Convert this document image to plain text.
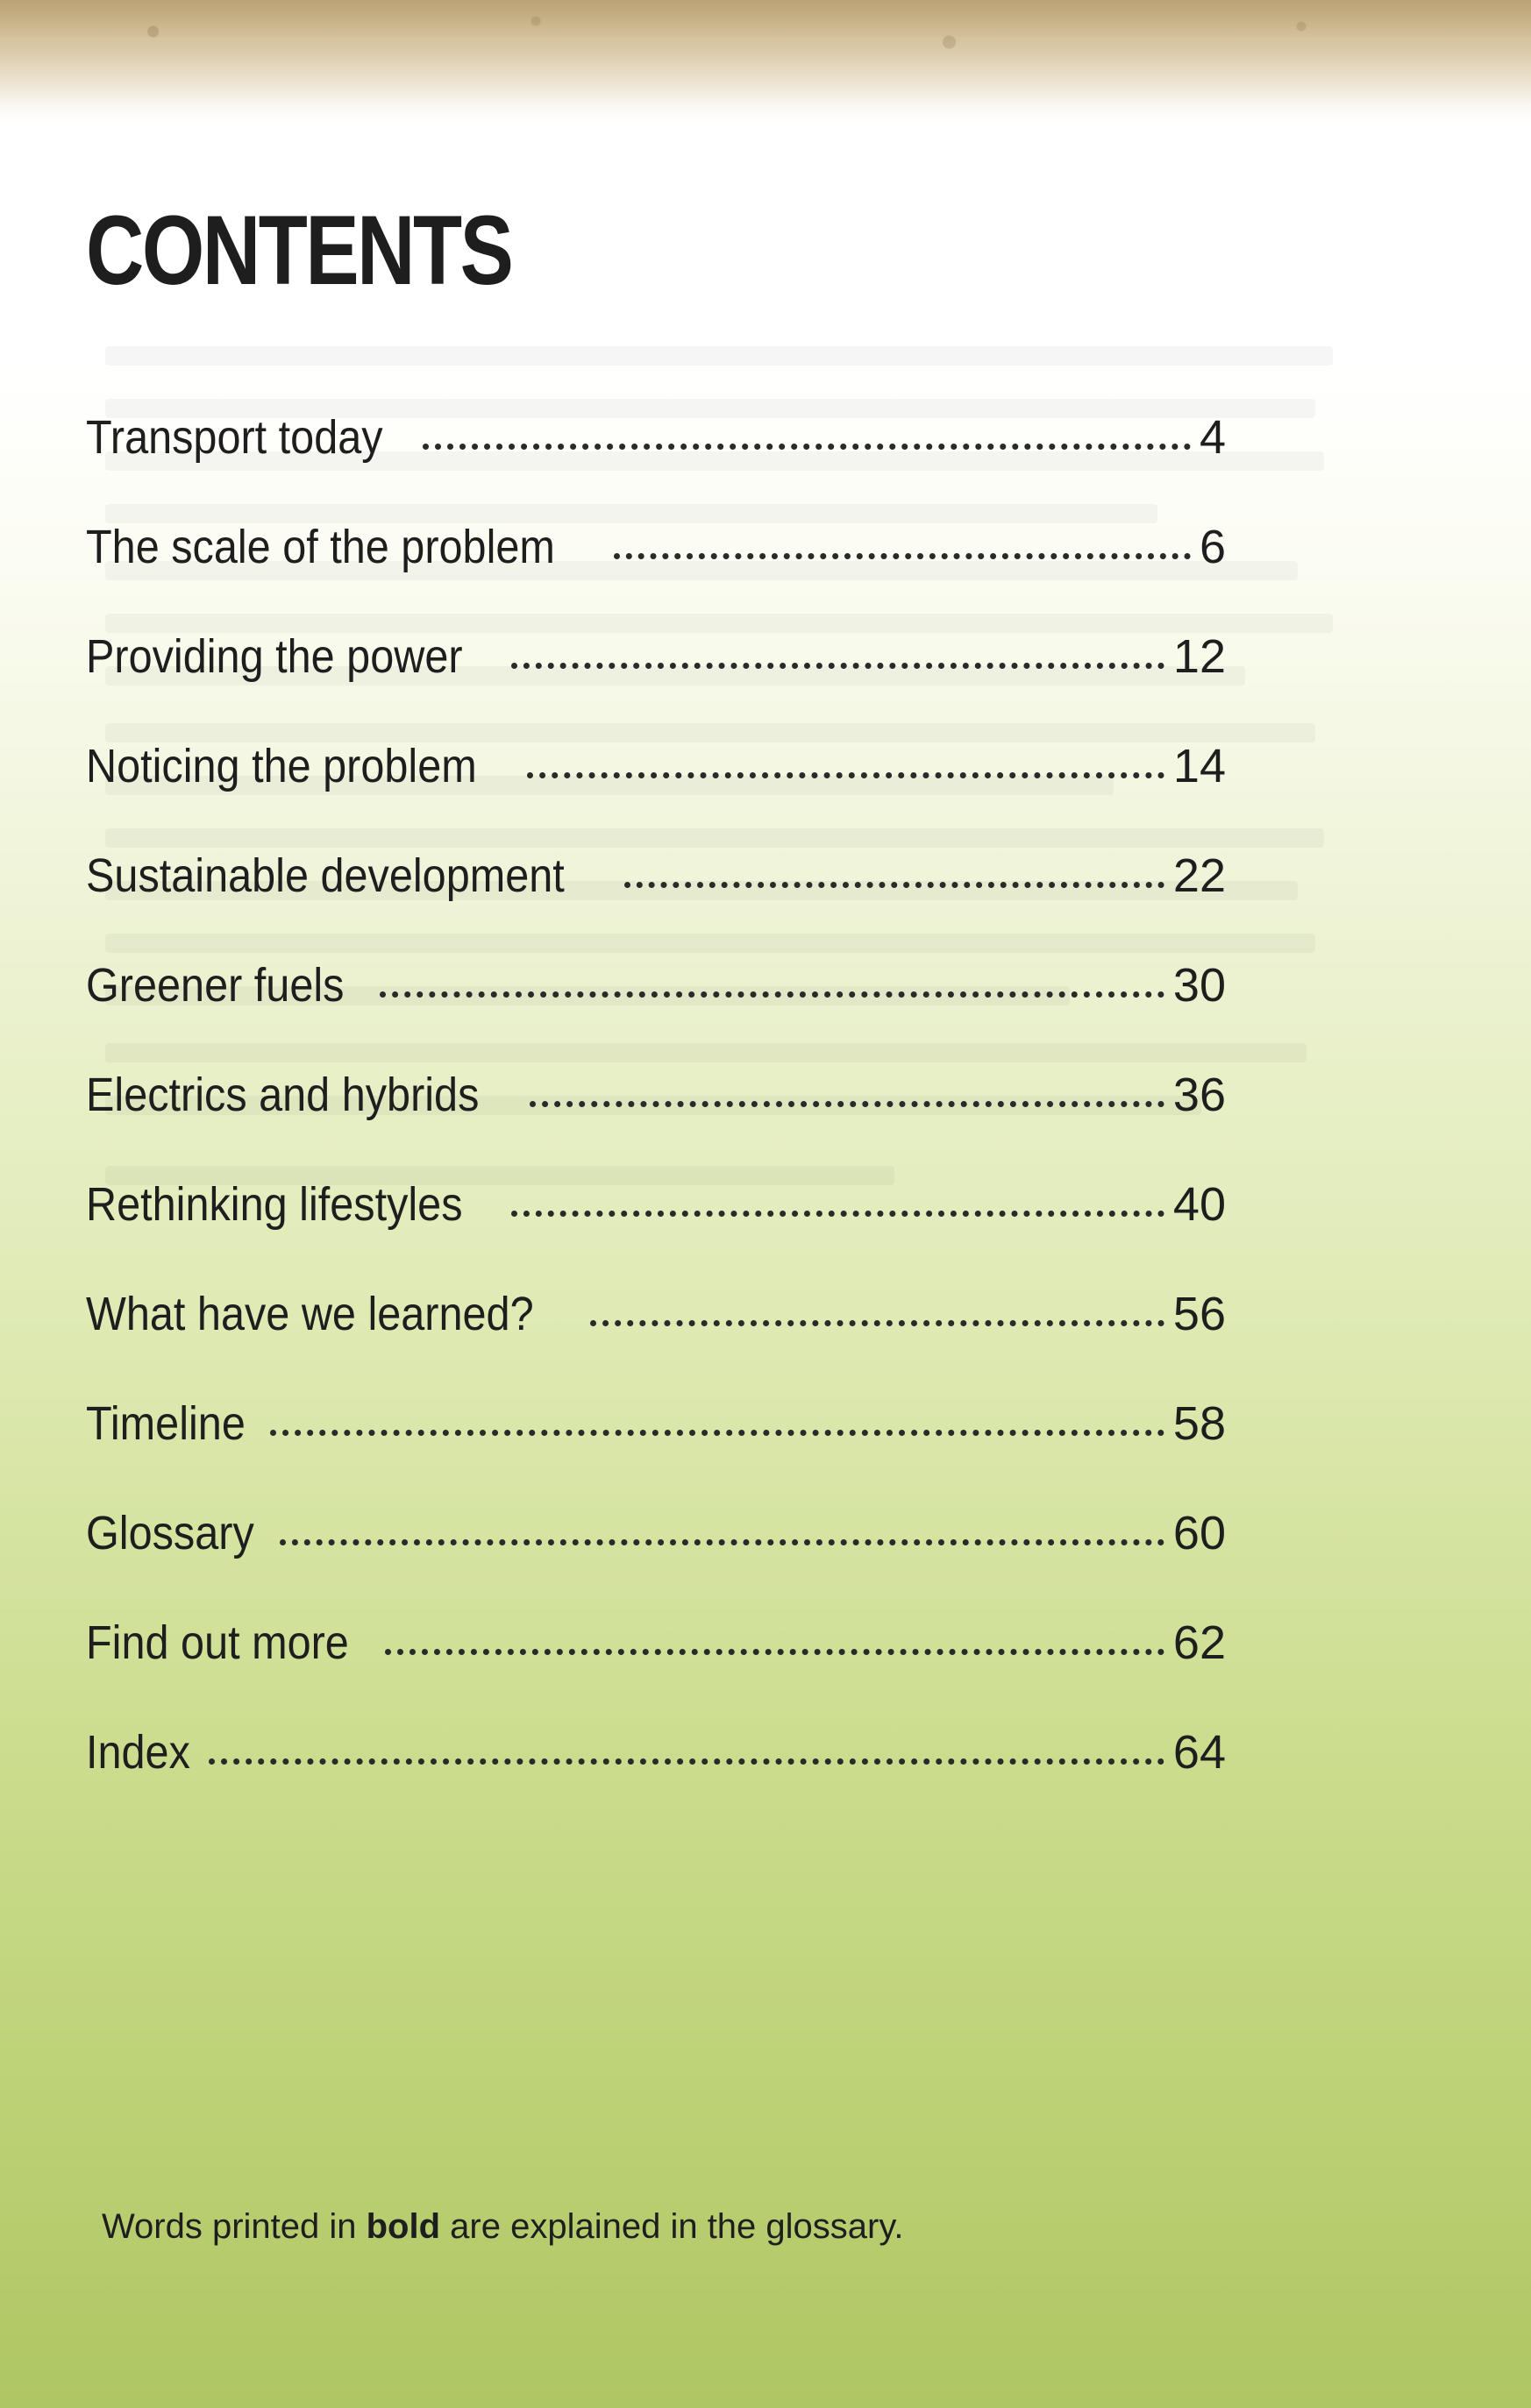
CONTENTS
Transport today	4
The scale of the problem	6
Providing the power	12
Noticing the problem	14
Sustainable development	22
Greener fuels	30
Electrics and hybrids	36
Rethinking lifestyles	40
What have we learned?	56
Timeline	58
Glossary	60
Find out more	62
Index	64

Words printed in bold are explained in the glossary.
